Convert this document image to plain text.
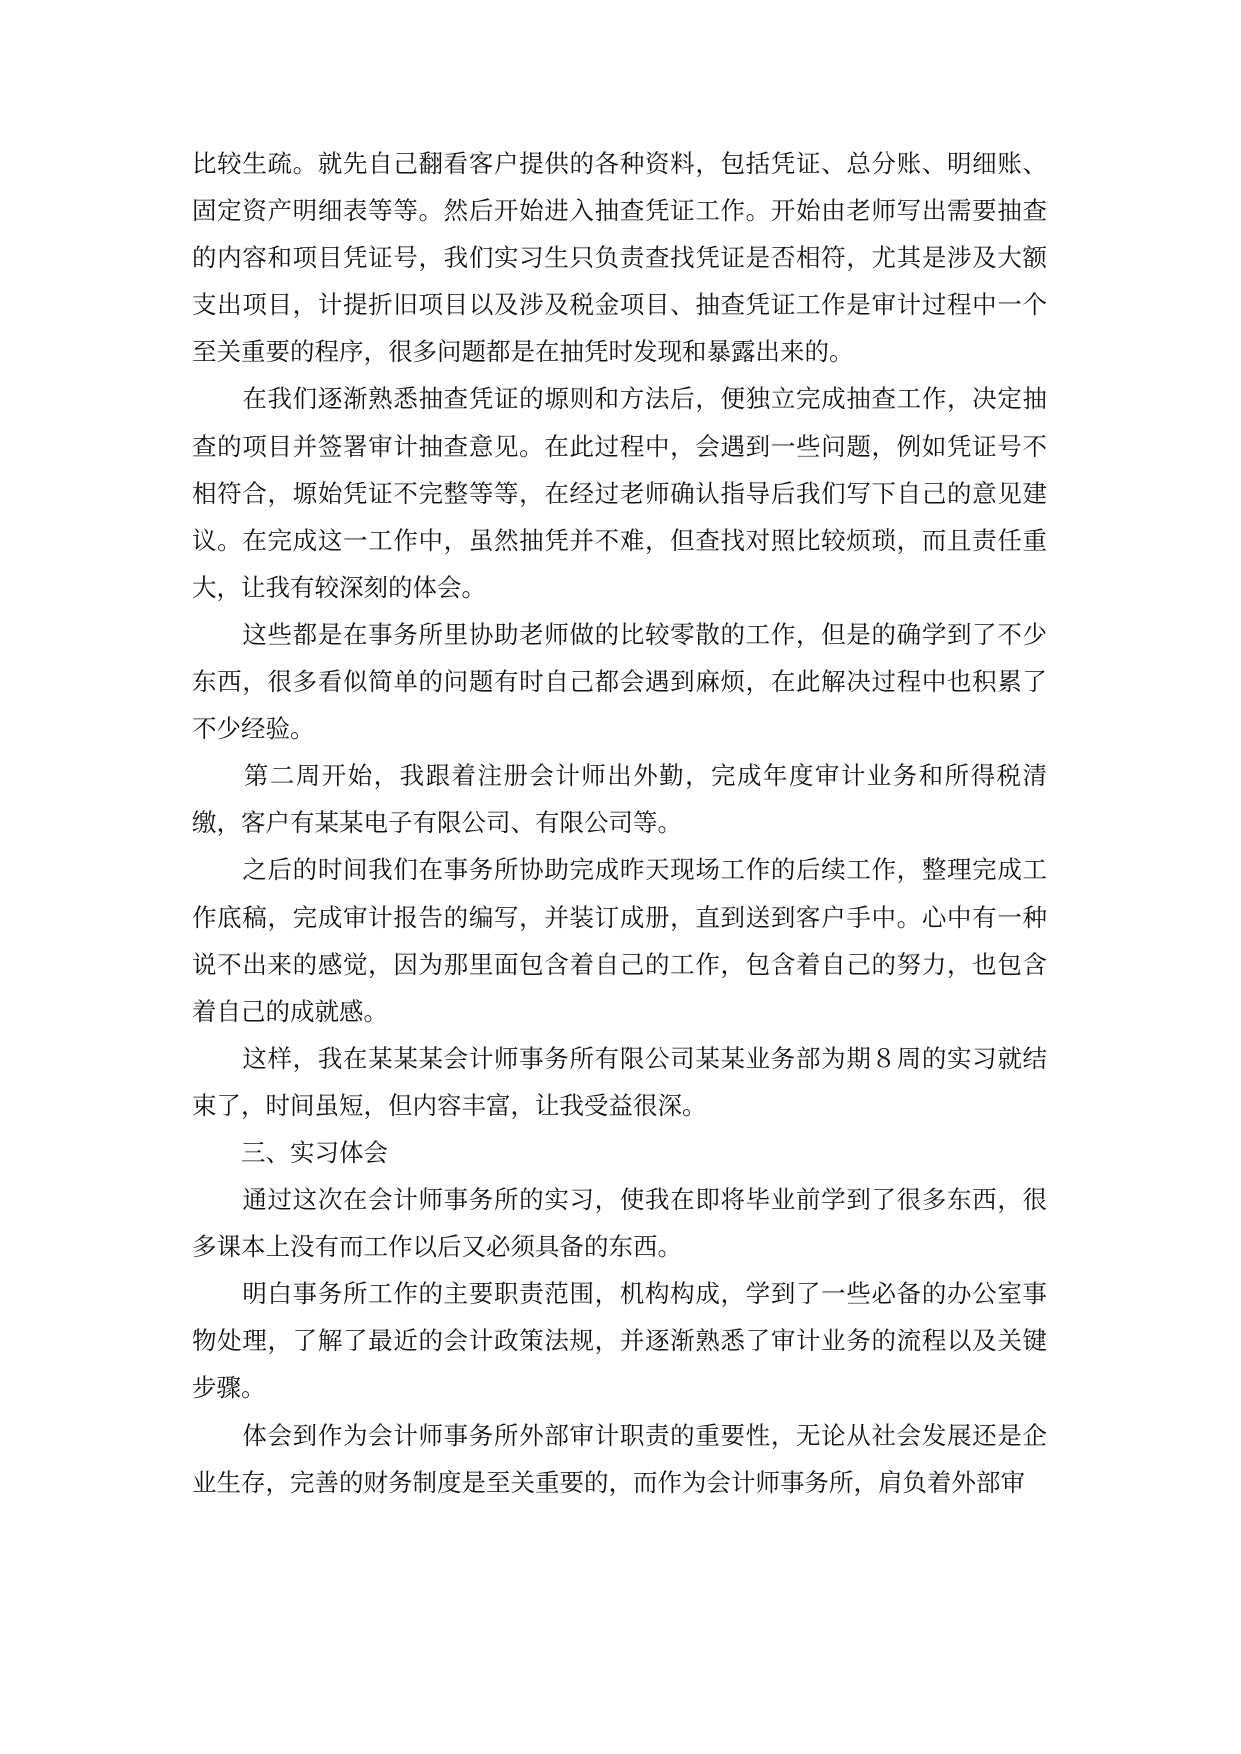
比较生疏。就先自己翻看客户提供的各种资料，包括凭证、总分账、明细账、固定资产明细表等等。然后开始进入抽查凭证工作。开始由老师写出需要抽查的内容和项目凭证号，我们实习生只负责查找凭证是否相符，尤其是涉及大额支出项目，计提折旧项目以及涉及税金项目、抽查凭证工作是审计过程中一个至关重要的程序，很多问题都是在抽凭时发现和暴露出来的。

　　在我们逐渐熟悉抽查凭证的塬则和方法后，便独立完成抽查工作，决定抽查的项目并签署审计抽查意见。在此过程中，会遇到一些问题，例如凭证号不相符合，塬始凭证不完整等等，在经过老师确认指导后我们写下自己的意见建议。在完成这一工作中，虽然抽凭并不难，但查找对照比较烦琐，而且责任重大，让我有较深刻的体会。

　　这些都是在事务所里协助老师做的比较零散的工作，但是的确学到了不少东西，很多看似简单的问题有时自己都会遇到麻烦，在此解决过程中也积累了不少经验。

　　第二周开始，我跟着注册会计师出外勤，完成年度审计业务和所得税清缴，客户有某某电子有限公司、有限公司等。

　　之后的时间我们在事务所协助完成昨天现场工作的后续工作，整理完成工作底稿，完成审计报告的编写，并装订成册，直到送到客户手中。心中有一种说不出来的感觉，因为那里面包含着自己的工作，包含着自己的努力，也包含着自己的成就感。

　　这样，我在某某某会计师事务所有限公司某某业务部为期８周的实习就结束了，时间虽短，但内容丰富，让我受益很深。

　　三、实习体会

　　通过这次在会计师事务所的实习，使我在即将毕业前学到了很多东西，很多课本上没有而工作以后又必须具备的东西。

　　明白事务所工作的主要职责范围，机构构成，学到了一些必备的办公室事物处理，了解了最近的会计政策法规，并逐渐熟悉了审计业务的流程以及关键步骤。

　　体会到作为会计师事务所外部审计职责的重要性，无论从社会发展还是企业生存，完善的财务制度是至关重要的，而作为会计师事务所，肩负着外部审
